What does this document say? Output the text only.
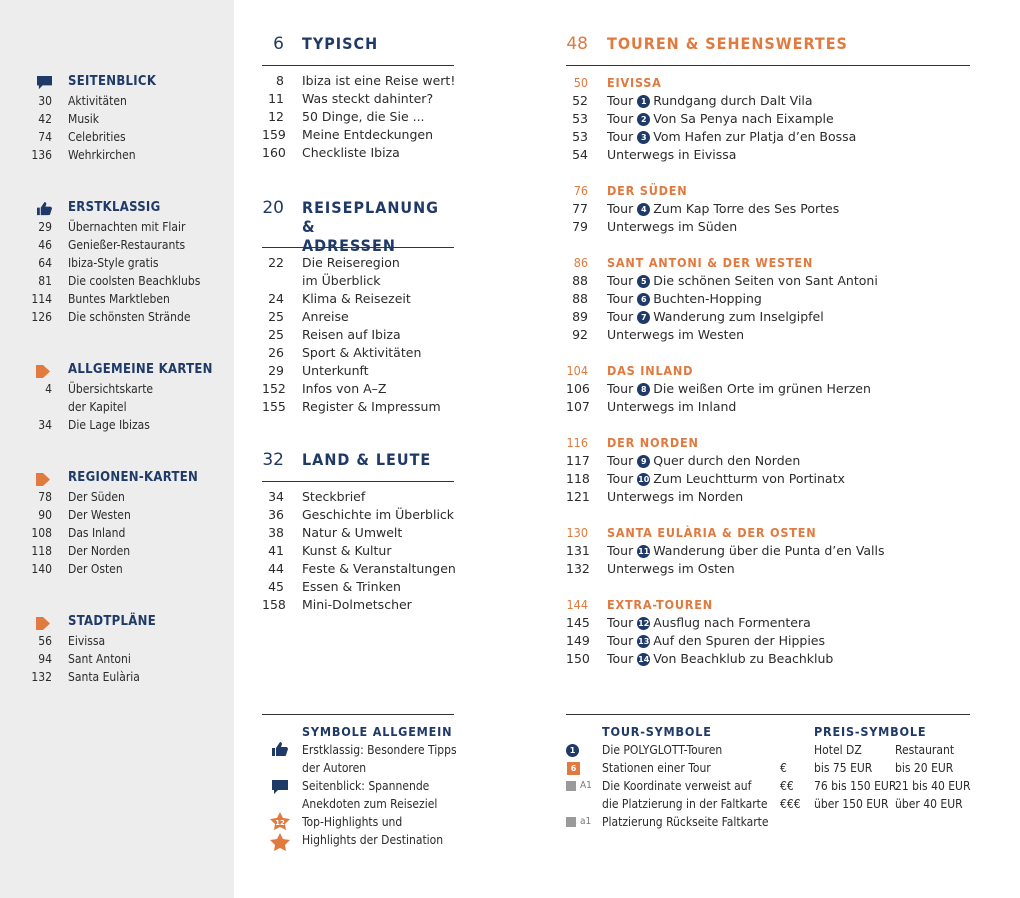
SEITENBLICK
30 Aktivitäten
42 Musik
74 Celebrities
136 Wehrkirchen
ERSTKLASSIG
29 Übernachten mit Flair
46 Genießer-Restaurants
64 Ibiza-Style gratis
81 Die coolsten Beachklubs
114 Buntes Marktleben
126 Die schönsten Strände
ALLGEMEINE KARTEN
4 Übersichtskarte
der Kapitel
34 Die Lage Ibizas
REGIONEN-KARTEN
78 Der Süden
90 Der Westen
108 Das Inland
118 Der Norden
140 Der Osten
STADTPLÄNE
56 Eivissa
94 Sant Antoni
132 Santa Eulària
6 TYPISCH
8 Ibiza ist eine Reise wert!
11 Was steckt dahinter?
12 50 Dinge, die Sie ...
159 Meine Entdeckungen
160 Checkliste Ibiza
20 REISEPLANUNG &
ADRESSEN
22 Die Reiseregion
im Überblick
24 Klima & Reisezeit
25 Anreise
25 Reisen auf Ibiza
26 Sport & Aktivitäten
29 Unterkunft
152 Infos von A–Z
155 Register & Impressum
32 LAND & LEUTE
34 Steckbrief
36 Geschichte im Überblick
38 Natur & Umwelt
41 Kunst & Kultur
44 Feste & Veranstaltungen
45 Essen & Trinken
158 Mini-Dolmetscher
48 TOUREN & SEHENSWERTES
50 EIVISSA
52 Tour 1 Rundgang durch Dalt Vila
53 Tour 2 Von Sa Penya nach Eixample
53 Tour 3 Vom Hafen zur Platja d’en Bossa
54 Unterwegs in Eivissa
76 DER SÜDEN
77 Tour 4 Zum Kap Torre des Ses Portes
79 Unterwegs im Süden
86 SANT ANTONI & DER WESTEN
88 Tour 5 Die schönen Seiten von Sant Antoni
88 Tour 6 Buchten-Hopping
89 Tour 7 Wanderung zum Inselgipfel
92 Unterwegs im Westen
104 DAS INLAND
106 Tour 8 Die weißen Orte im grünen Herzen
107 Unterwegs im Inland
116 DER NORDEN
117 Tour 9 Quer durch den Norden
118 Tour 10 Zum Leuchtturm von Portinatx
121 Unterwegs im Norden
130 SANTA EULÀRIA & DER OSTEN
131 Tour 11 Wanderung über die Punta d’en Valls
132 Unterwegs im Osten
144 EXTRA-TOUREN
145 Tour 12 Ausflug nach Formentera
149 Tour 13 Auf den Spuren der Hippies
150 Tour 14 Von Beachklub zu Beachklub
SYMBOLE ALLGEMEIN
Erstklassig: Besondere Tipps
der Autoren
Seitenblick: Spannende
Anekdoten zum Reiseziel
12 Top-Highlights und
Highlights der Destination
TOUR-SYMBOLE	PREIS-SYMBOLE
1
6
A1
a1
Die POLYGLOTT-Touren
Stationen einer Tour
Die Koordinate verweist auf
die Platzierung in der Faltkarte
Platzierung Rückseite Faltkarte
Hotel DZ	Restaurant
€ bis 75 EUR bis 20 EUR
€€ 76 bis 150 EUR
21 bis 40 EUR
€€€ über 150 EUR über 40 EUR
